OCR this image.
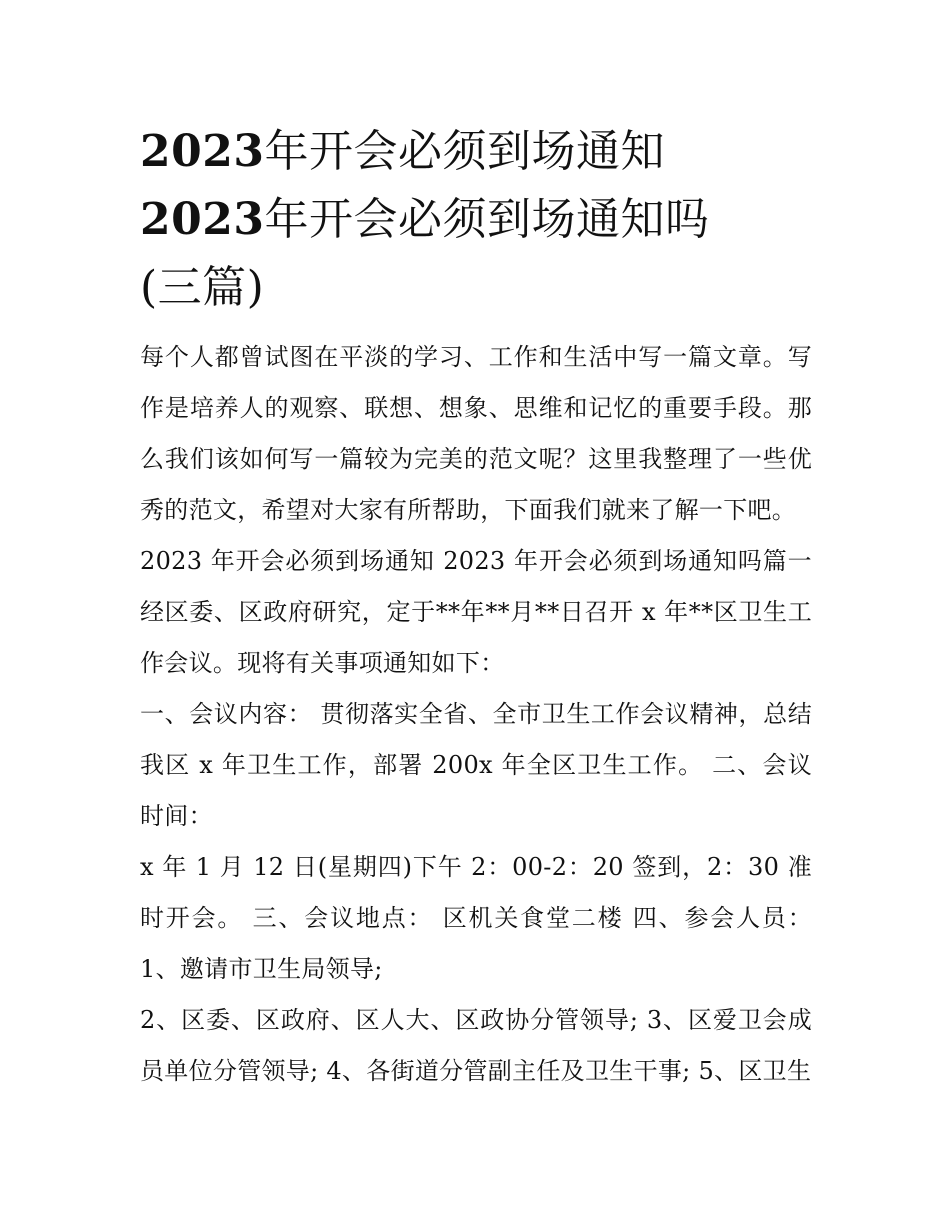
2023年开会必须到场通知
2023年开会必须到场通知吗
(三篇)

每个人都曾试图在平淡的学习、工作和生活中写一篇文章。写作是培养人的观察、联想、想象、思维和记忆的重要手段。那么我们该如何写一篇较为完美的范文呢？这里我整理了一些优秀的范文，希望对大家有所帮助，下面我们就来了解一下吧。

2023 年开会必须到场通知 2023 年开会必须到场通知吗篇一 经区委、区政府研究，定于**年**月**日召开 x 年**区卫生工作会议。现将有关事项通知如下：

一、会议内容： 贯彻落实全省、全市卫生工作会议精神，总结我区 x 年卫生工作，部署 200x 年全区卫生工作。 二、会议时间：

x 年 1 月 12 日(星期四)下午 2：00-2：20 签到，2：30 准时开会。 三、会议地点： 区机关食堂二楼 四、参会人员： 1、邀请市卫生局领导;

2、区委、区政府、区人大、区政协分管领导; 3、区爱卫会成员单位分管领导; 4、各街道分管副主任及卫生干事; 5、区卫生
